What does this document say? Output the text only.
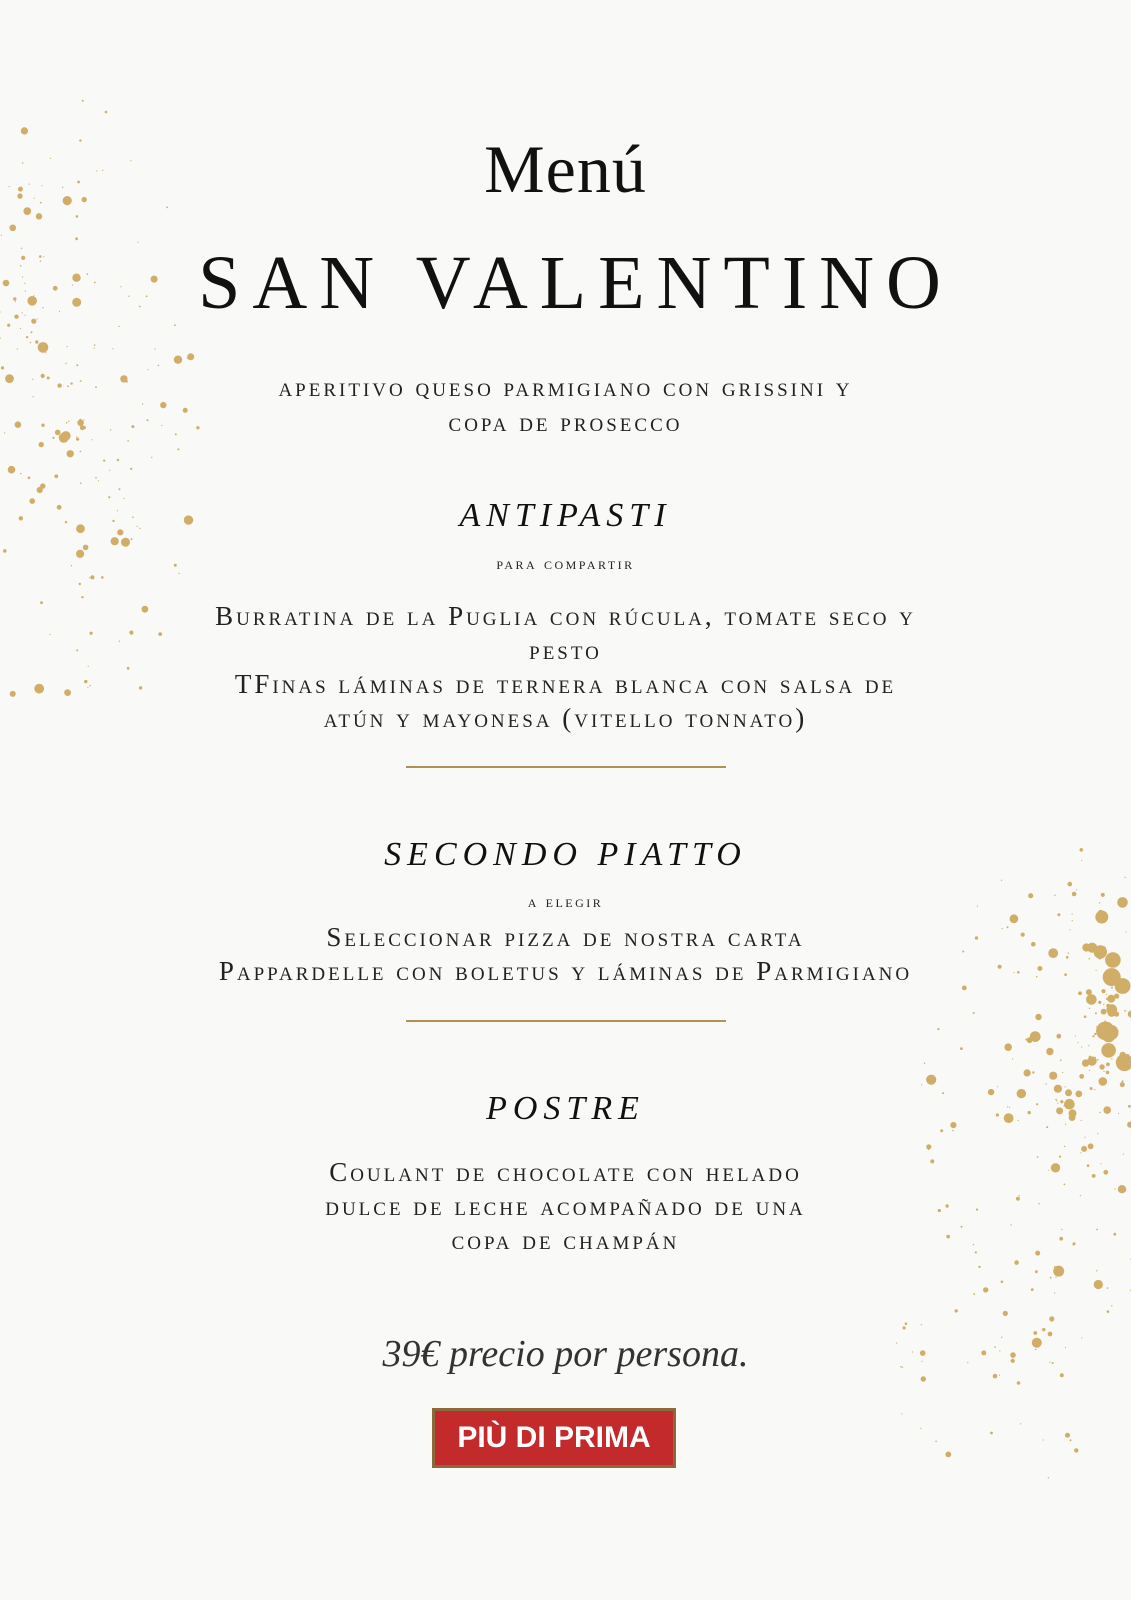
Menú
SAN VALENTINO
aperitivo queso parmigiano con grissini y
copa de prosecco
ANTIPASTI
para compartir
Burratina de la Puglia con rúcula, tomate seco y
pesto
TFinas láminas de ternera blanca con salsa de
atún y mayonesa (vitello tonnato)
SECONDO PIATTO
a elegir
Seleccionar pizza de nostra carta
Pappardelle con boletus y láminas de Parmigiano
POSTRE
Coulant de chocolate con helado
dulce de leche acompañado de una
copa de champán
39€ precio por persona.
PIÙ DI PRIMA
